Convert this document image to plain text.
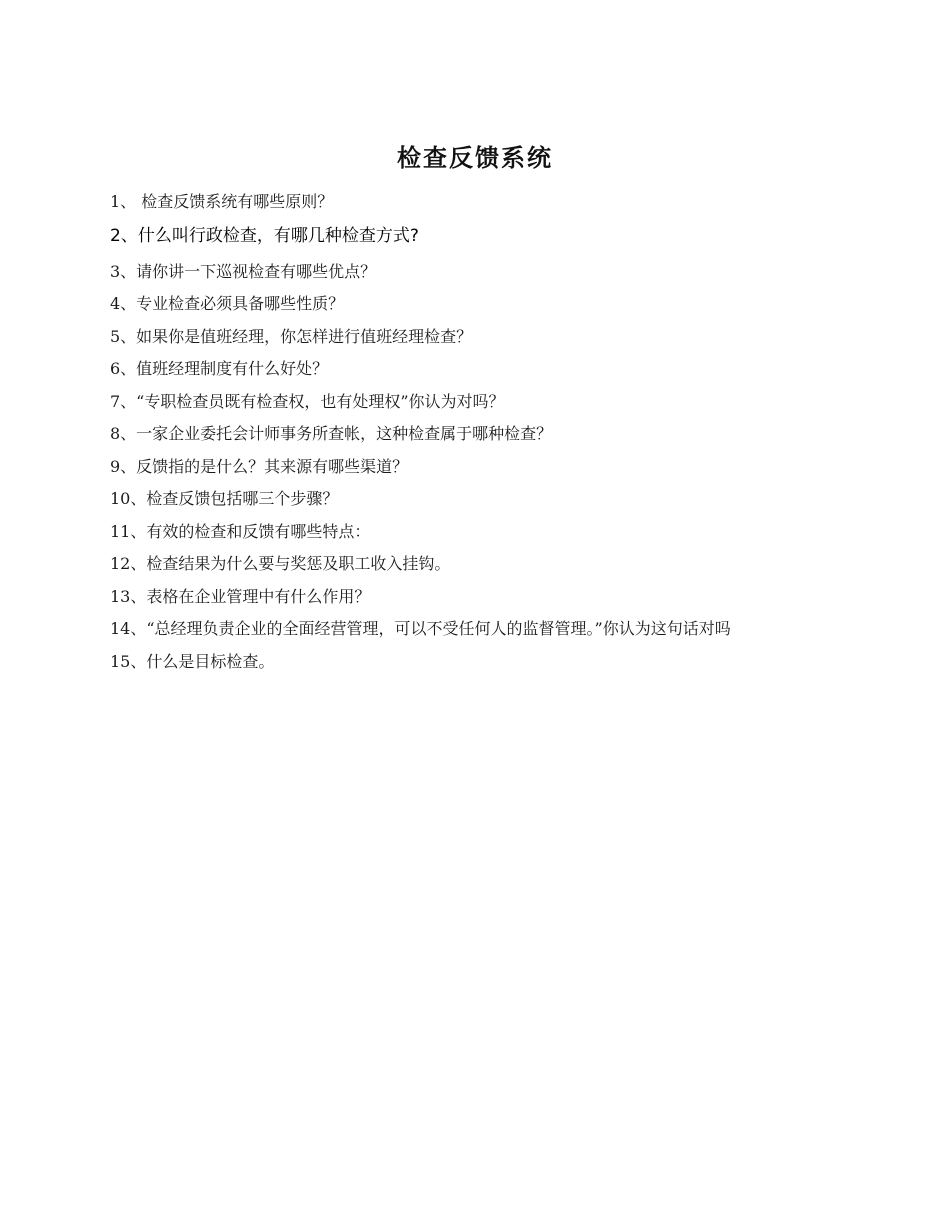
检查反馈系统
1、 检查反馈系统有哪些原则？
2、什么叫行政检查，有哪几种检查方式?
3、请你讲一下巡视检查有哪些优点？
4、专业检查必须具备哪些性质？
5、如果你是值班经理，你怎样进行值班经理检查？
6、值班经理制度有什么好处？
7、“专职检查员既有检查权，也有处理权”你认为对吗？
8、一家企业委托会计师事务所查帐，这种检查属于哪种检查？
9、反馈指的是什么？其来源有哪些渠道？
10、检查反馈包括哪三个步骤？
11、有效的检查和反馈有哪些特点：
12、检查结果为什么要与奖惩及职工收入挂钩。
13、表格在企业管理中有什么作用？
14、“总经理负责企业的全面经营管理，可以不受任何人的监督管理。”你认为这句话对吗
15、什么是目标检查。
